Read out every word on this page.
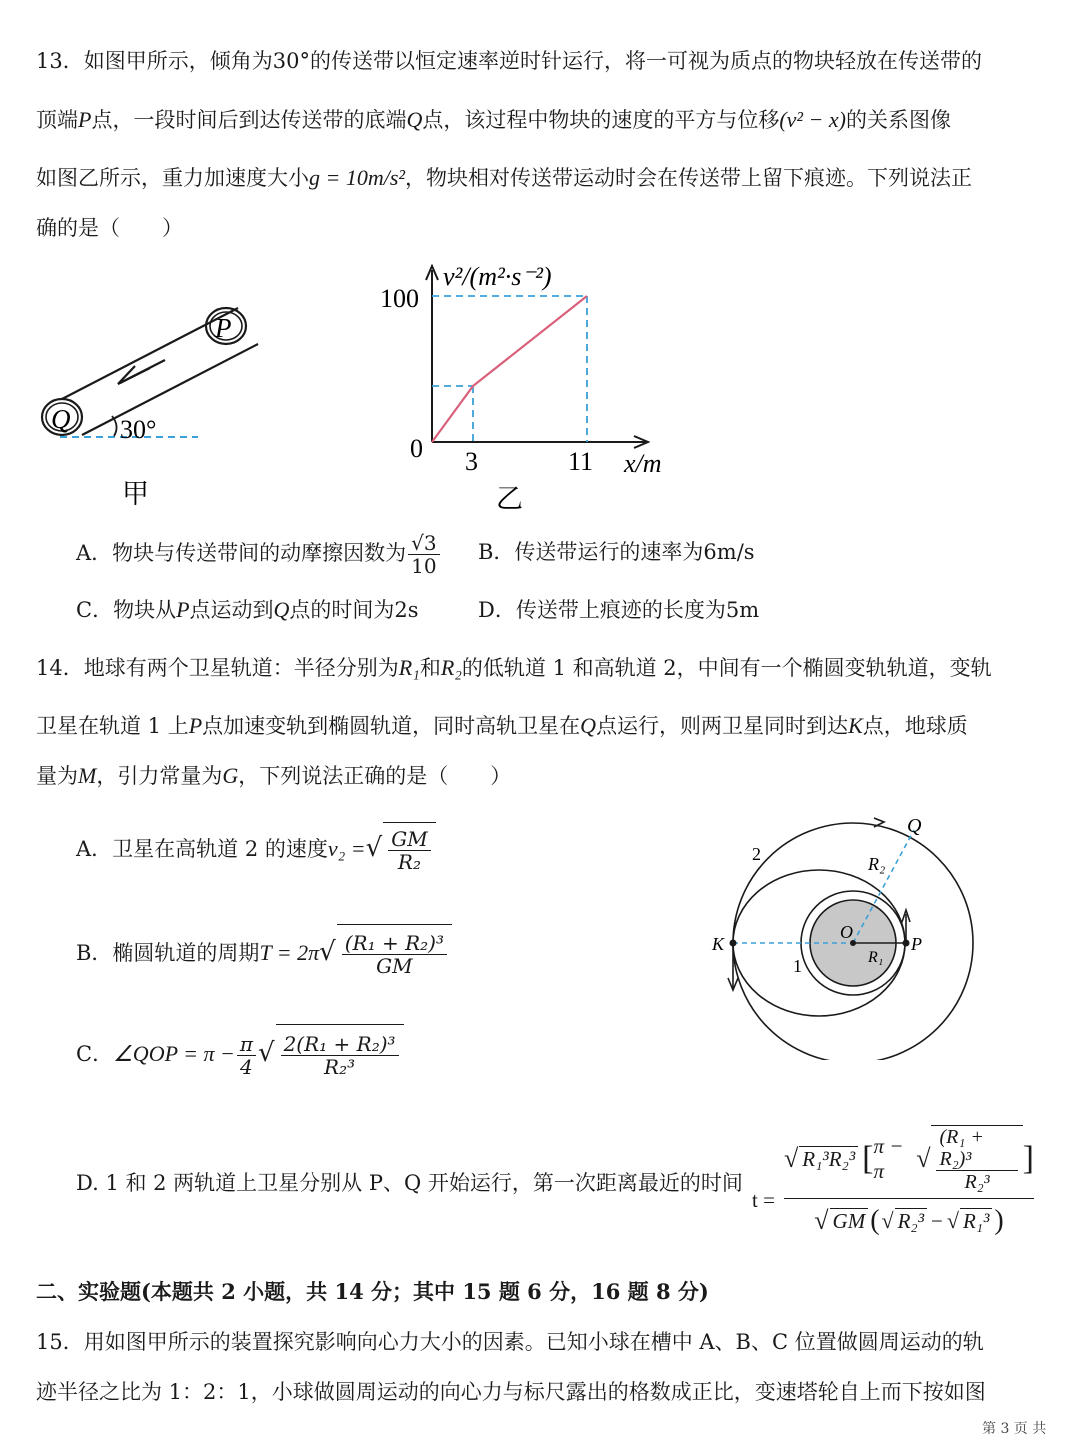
13．如图甲所示，倾角为30°的传送带以恒定速率逆时针运行，将一可视为质点的物块轻放在传送带的
顶端P点，一段时间后到达传送带的底端Q点，该过程中物块的速度的平方与位移(v² − x)的关系图像
如图乙所示，重力加速度大小g = 10m/s²，物块相对传送带运动时会在传送带上留下痕迹。下列说法正
确的是（　　）
P
Q 30°
甲
v²/(m²·s⁻²)
100
0 3	11 x/m
乙
A．物块与传送带间的动摩擦因数为 $\frac{√3}{10}$ B．传送带运行的速率为6m/s
C．物块从P点运动到Q点的时间为2s	D．传送带上痕迹的长度为5m
14．地球有两个卫星轨道：半径分别为R₁和R₂的低轨道 1 和高轨道 2，中间有一个椭圆变轨轨道，变轨
卫星在轨道 1 上P点加速变轨到椭圆轨道，同时高轨卫星在Q点运行，则两卫星同时到达K点，地球质
量为M，引力常量为G，下列说法正确的是（　　）
A．卫星在高轨道 2 的速度v₂ =√ $\frac{GM}{\text{R₂}}$
B．椭圆轨道的周期$T = 2\pi√ \frac{\text{(R₁ + R₂)³}}{GM}$
C．∠QOP = $\pi - \frac{\pi}{4}$ √ $\frac{\text{2(R₁ + R₂)³}}{\text{R₂³}}$
D. 1 和 2 两轨道上卫星分别从 P、Q 开始运行，第一次距离最近的时间
t = √ R₁³R₂³ [ π − π	√ $\frac{\text{(R₁ + R₂)³}}{\text{R₂³}}$ ]
√ GM ( √ R₂³ − √ R₁³ )
Q
2	R₂
O
K	P
1	R₁
二、实验题(本题共 2 小题，共 14 分；其中 15 题 6 分，16 题 8 分)
15．用如图甲所示的装置探究影响向心力大小的因素。已知小球在槽中 A、B、C 位置做圆周运动的轨
迹半径之比为 1：2：1，小球做圆周运动的向心力与标尺露出的格数成正比，变速塔轮自上而下按如图
第 3 页 共
